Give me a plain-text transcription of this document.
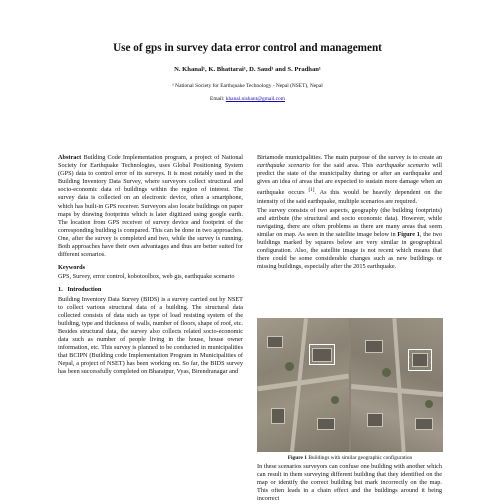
Use of gps in survey data error control and management
N. Khanal¹, K. Bhattarai¹, D. Saud¹ and S. Pradhan¹
¹ National Society for Earthquake Technology - Nepal (NSET), Nepal
Email: khanal.nishant@gmail.com

Abstract Building Code Implementation program, a project of National Society for Earthquake Technologies, uses Global Positioning System (GPS) data to control error of its surveys. It is most notably used in the Building Inventory Data Survey, where surveyors collect structural and socio-economic data of buildings within the region of interest. The survey data is collected on an electronic device, often a smartphone, which has built-in GPS receiver. Surveyors also locate buildings on paper maps by drawing footprints which is later digitized using google earth. The location from GPS receiver of survey device and footprint of the corresponding building is compared. This can be done in two approaches. One, after the survey is completed and two, while the survey is running. Both approaches have their own advantages and thus are better suited for different scenarios.

Keywords

GPS, Survey, error control, kobotoolbox, web gis, earthquake scenario

1.   Introduction

Building Inventory Data Survey (BIDS) is a survey carried out by NSET to collect various structural data of a building. The structural data collected consists of data such as type of load resisting system of the building, type and thickness of walls, number of floors, shape of roof, etc. Besides structural data, the survey also collects related socio-economic data such as number of people living in the house, house owner information, etc. This survey is planned to be conducted in municipalities that BCIPN (Building code Implementation Program in Municipalities of Nepal, a project of NSET) has been working on. So far, the BIDS survey has been successfully completed on Bharatpur, Vyas, Birendranagar and

Birtamode municipalities. The main purpose of the survey is to create an earthquake scenario for the said area. This earthquake scenario will predict the state of the municipality during or after an earthquake and gives an idea of areas that are expected to sustain more damage when an earthquake occurs [1]. As this would be heavily dependent on the intensity of the said earthquake, multiple scenarios are required.

The survey consists of two aspects, geography (the building footprints) and attribute (the structural and socio economic data). However, while navigating, there are often problems as there are many areas that seem similar on map. As seen in the satellite image below in Figure 1, the two buildings marked by squares below are very similar in geographical configuration. Also, the satellite image is not recent which means that there could be some considerable changes such as new buildings or missing buildings, especially after the 2015 earthquake.

Figure 1 Buildings with similar geographic configuration

In these scenarios surveyors can confuse one building with another which can result in them surveying different building that they identified on the map or identify the correct building but mark incorrectly on the map. This often leads in a chain effect and the buildings around it being incorrect
